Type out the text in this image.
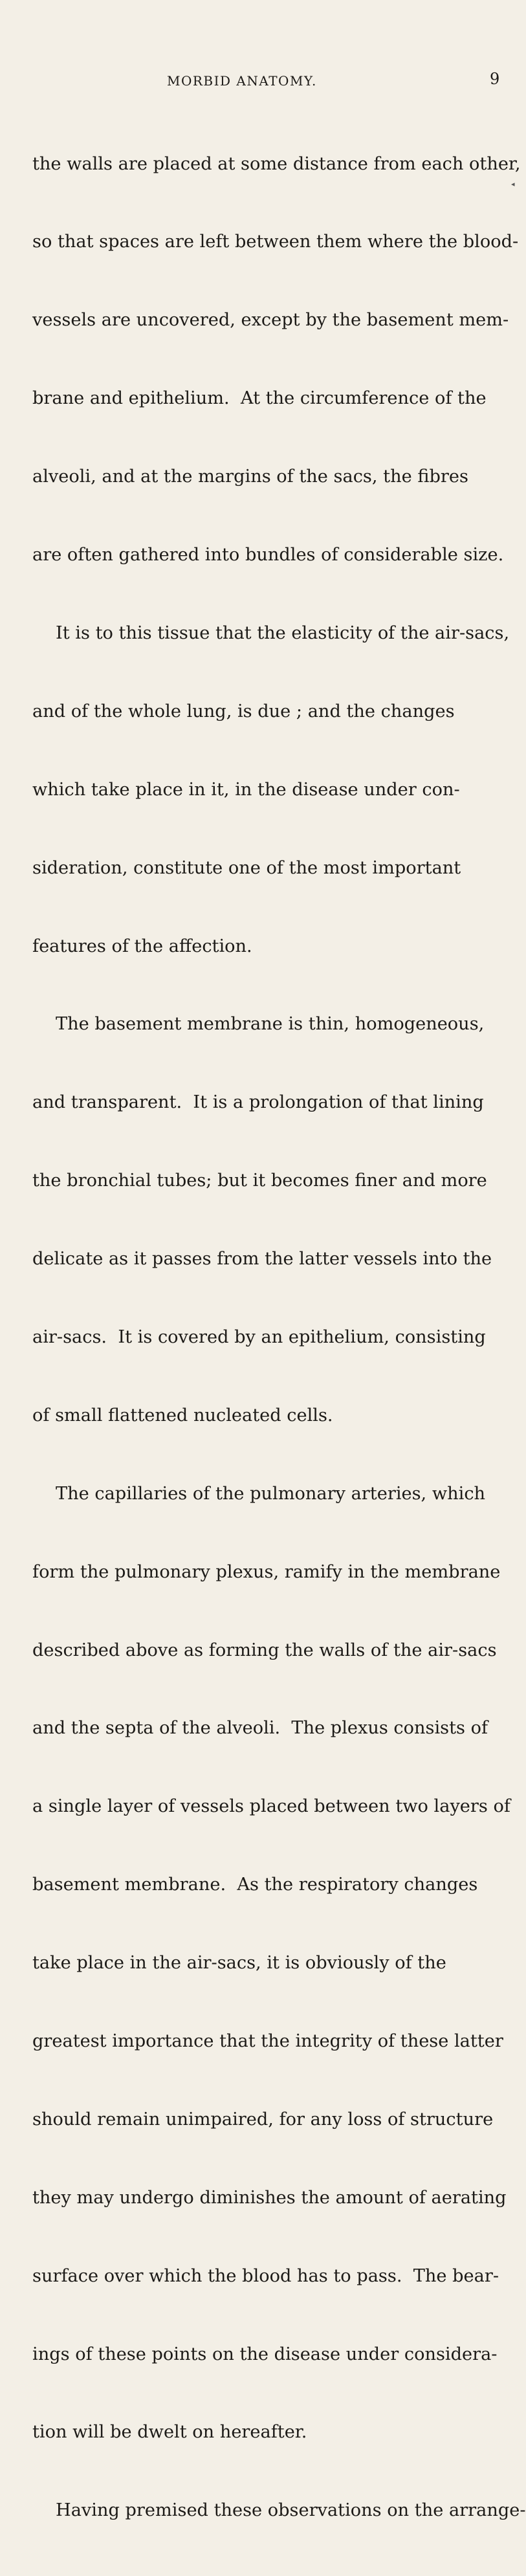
MORBID ANATOMY.	9
◂

the walls are placed at some distance from each other,

so that spaces are left between them where the blood-

vessels are uncovered, except by the basement mem-

brane and epithelium.  At the circumference of the

alveoli, and at the margins of the sacs, the fibres

are often gathered into bundles of considerable size.

It is to this tissue that the elasticity of the air-sacs,

and of the whole lung, is due ; and the changes

which take place in it, in the disease under con-

sideration, constitute one of the most important

features of the affection.

The basement membrane is thin, homogeneous,

and transparent.  It is a prolongation of that lining

the bronchial tubes; but it becomes finer and more

delicate as it passes from the latter vessels into the

air-sacs.  It is covered by an epithelium, consisting

of small flattened nucleated cells.

The capillaries of the pulmonary arteries, which

form the pulmonary plexus, ramify in the membrane

described above as forming the walls of the air-sacs

and the septa of the alveoli.  The plexus consists of

a single layer of vessels placed between two layers of

basement membrane.  As the respiratory changes

take place in the air-sacs, it is obviously of the

greatest importance that the integrity of these latter

should remain unimpaired, for any loss of structure

they may undergo diminishes the amount of aerating

surface over which the blood has to pass.  The bear-

ings of these points on the disease under considera-

tion will be dwelt on hereafter.

Having premised these observations on the arrange-
